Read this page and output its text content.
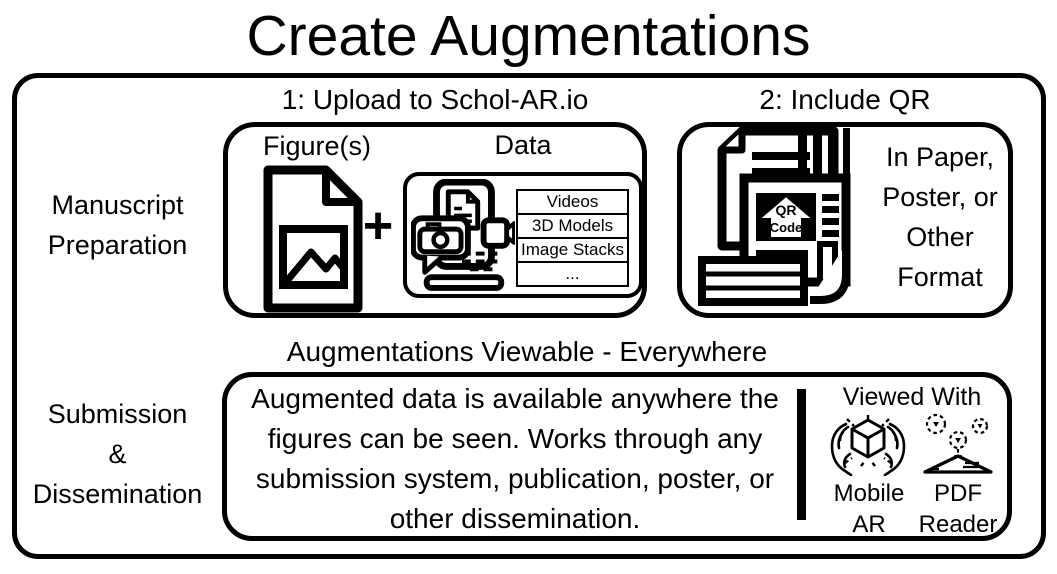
Create Augmentations
Manuscript
Preparation
Submission
&
Dissemination
1: Upload to Schol-AR.io
Figure(s)	Data
+	Videos
3D Models
Image Stacks
...
2: Include QR
QR
Code
In Paper, Poster, or Other Format
Augmentations Viewable - Everywhere
Augmented data is available anywhere the figures can be seen. Works through any submission system, publication, poster, or other dissemination.
Viewed With
Mobile AR
PDF Reader
